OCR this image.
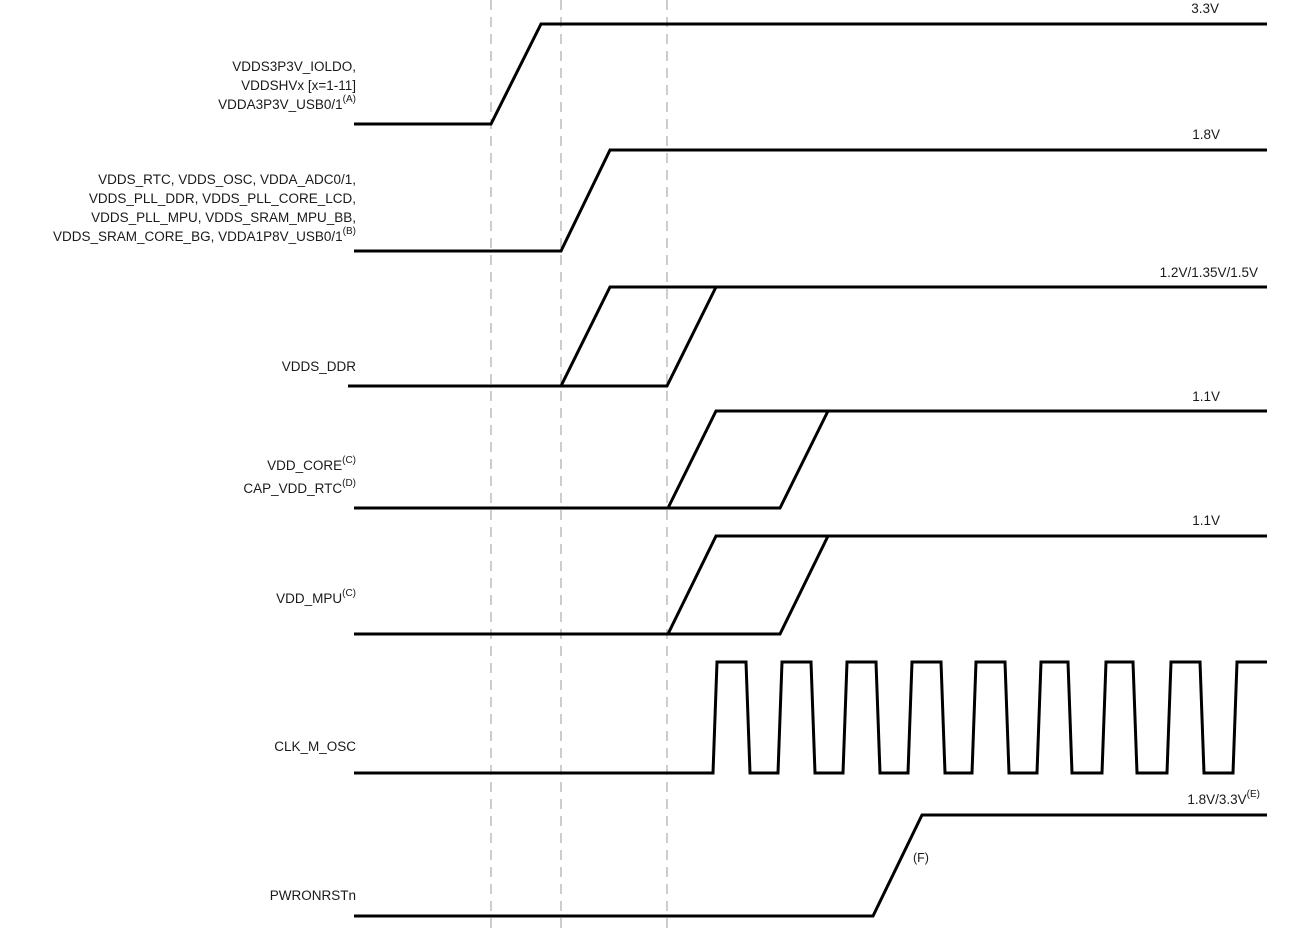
VDDS3P3V_IOLDO,
VDDSHVx [x=1-11]
$VDDA3P3V\_USB0/1^{(A)}$
VDDS_RTC, VDDS_OSC, VDDA_ADC0/1,
VDDS_PLL_DDR, VDDS_PLL_CORE_LCD,
VDDS_PLL_MPU, VDDS_SRAM_MPU_BB,
VDDS_SRAM_CORE_BG, $VDDA1P8V\_USB0/1^{(B)}$
VDDS_DDR
$VDD\_CORE^{(C)}$
$CAP\_VDD\_RTC^{(D)}$
$VDD\_MPU^{(C)}$
CLK_M_OSC
PWRONRSTn
3.3V
1.8V
1.2V/1.35V/1.5V
1.1V
1.1V
$1.8V/3.3V^{(E)}$
(F)
